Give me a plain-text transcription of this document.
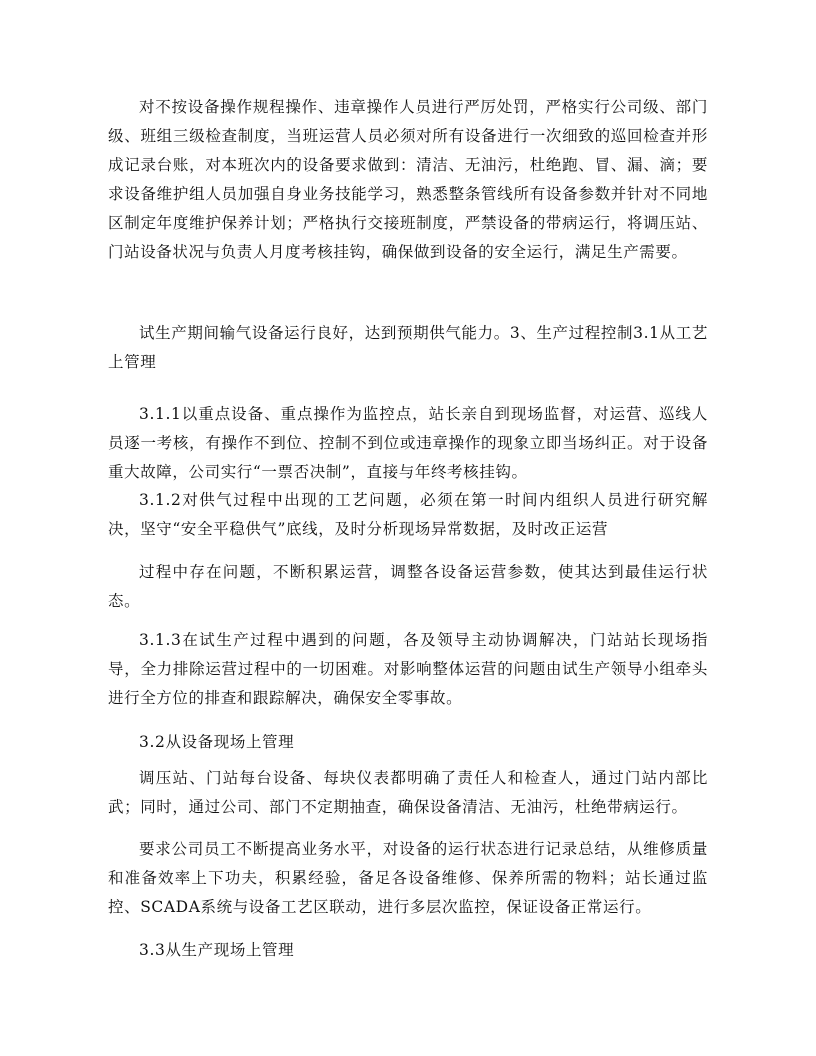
对不按设备操作规程操作、违章操作人员进行严厉处罚，严格实行公司级、部门级、班组三级检查制度，当班运营人员必须对所有设备进行一次细致的巡回检查并形成记录台账，对本班次内的设备要求做到：清洁、无油污，杜绝跑、冒、漏、滴；要求设备维护组人员加强自身业务技能学习，熟悉整条管线所有设备参数并针对不同地区制定年度维护保养计划；严格执行交接班制度，严禁设备的带病运行，将调压站、门站设备状况与负责人月度考核挂钩，确保做到设备的安全运行，满足生产需要。

试生产期间输气设备运行良好，达到预期供气能力。3、生产过程控制3.1从工艺上管理

3.1.1以重点设备、重点操作为监控点，站长亲自到现场监督，对运营、巡线人员逐一考核，有操作不到位、控制不到位或违章操作的现象立即当场纠正。对于设备重大故障，公司实行“一票否决制”，直接与年终考核挂钩。

3.1.2对供气过程中出现的工艺问题，必须在第一时间内组织人员进行研究解决，坚守“安全平稳供气”底线，及时分析现场异常数据，及时改正运营

过程中存在问题，不断积累运营，调整各设备运营参数，使其达到最佳运行状态。

3.1.3在试生产过程中遇到的问题，各及领导主动协调解决，门站站长现场指导，全力排除运营过程中的一切困难。对影响整体运营的问题由试生产领导小组牵头进行全方位的排查和跟踪解决，确保安全零事故。

3.2从设备现场上管理

调压站、门站每台设备、每块仪表都明确了责任人和检查人，通过门站内部比武；同时，通过公司、部门不定期抽查，确保设备清洁、无油污，杜绝带病运行。

要求公司员工不断提高业务水平，对设备的运行状态进行记录总结，从维修质量和准备效率上下功夫，积累经验，备足各设备维修、保养所需的物料；站长通过监控、SCADA系统与设备工艺区联动，进行多层次监控，保证设备正常运行。

3.3从生产现场上管理
